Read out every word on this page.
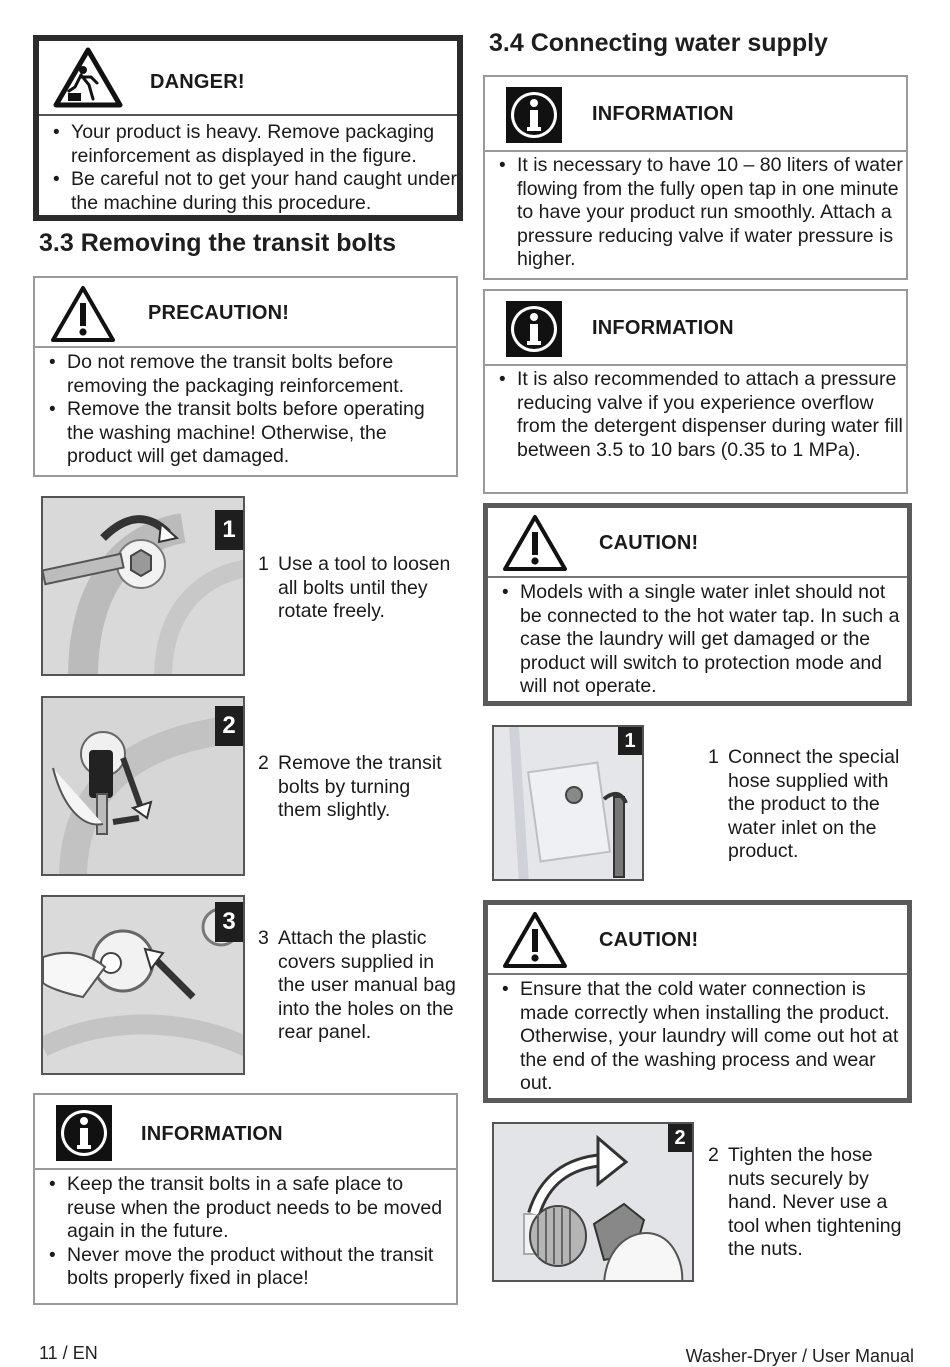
DANGER!
• Your product is heavy. Remove packaging reinforcement as displayed in the figure.
• Be careful not to get your hand caught under the machine during this procedure.
3.3 Removing the transit bolts
PRECAUTION!
• Do not remove the transit bolts before removing the packaging reinforcement.
• Remove the transit bolts before operating the washing machine! Otherwise, the product will get damaged.
1
1 Use a tool to loosen all bolts until they rotate freely.
2
2 Remove the transit bolts by turning them slightly.
3
3 Attach the plastic covers supplied in the user manual bag into the holes on the rear panel.
INFORMATION
• Keep the transit bolts in a safe place to reuse when the product needs to be moved again in the future.
• Never move the product without the transit bolts properly fixed in place!
3.4 Connecting water supply
INFORMATION
• It is necessary to have 10 – 80 liters of water flowing from the fully open tap in one minute to have your product run smoothly. Attach a pressure reducing valve if water pressure is higher.
INFORMATION
• It is also recommended to attach a pressure reducing valve if you experience overflow from the detergent dispenser during water fill between 3.5 to 10 bars (0.35 to 1 MPa).
CAUTION!
• Models with a single water inlet should not be connected to the hot water tap. In such a case the laundry will get damaged or the product will switch to protection mode and will not operate.
1
1 Connect the special hose supplied with the product to the water inlet on the product.
CAUTION!
• Ensure that the cold water connection is made correctly when installing the product. Otherwise, your laundry will come out hot at the end of the washing process and wear out.
2
2 Tighten the hose nuts securely by hand. Never use a tool when tightening the nuts.
11 / EN	Washer-Dryer / User Manual
